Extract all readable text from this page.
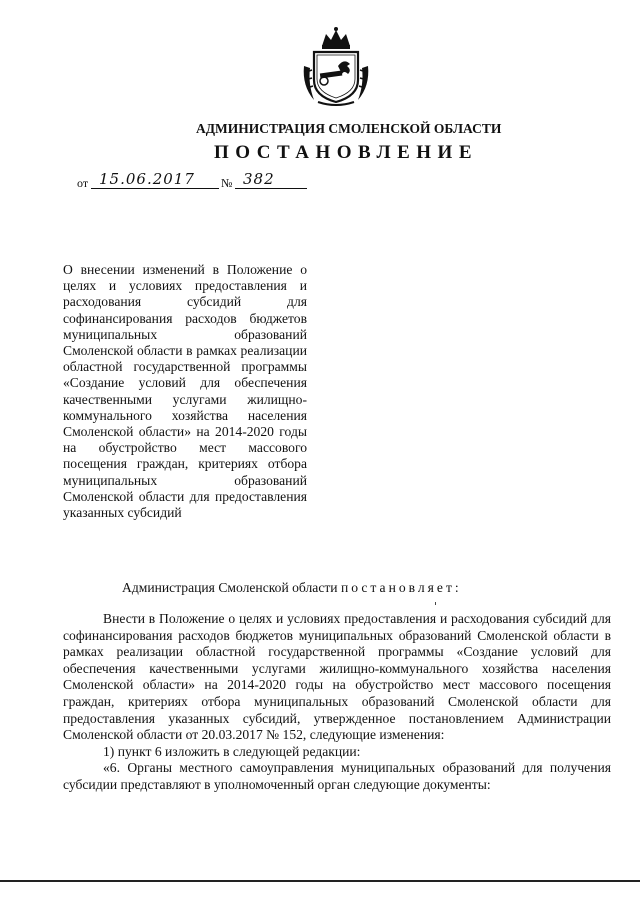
АДМИНИСТРАЦИЯ СМОЛЕНСКОЙ ОБЛАСТИ
ПОСТАНОВЛЕНИЕ
от 15.06.2017 № 382
О внесении изменений в Положение о целях и условиях предоставления и расходования субсидий для софинансирования расходов бюджетов муниципальных образований Смоленской области в рамках реализации областной государственной программы «Создание условий для обеспечения качественными услугами жилищно-коммунального хозяйства населения Смоленской области» на 2014-2020 годы на обустройство мест массового посещения граждан, критериях отбора муниципальных образований Смоленской области для предоставления указанных субсидий
Администрация Смоленской области постановляет:

Внести в Положение о целях и условиях предоставления и расходования субсидий для софинансирования расходов бюджетов муниципальных образований Смоленской области в рамках реализации областной государственной программы «Создание условий для обеспечения качественными услугами жилищно-коммунального хозяйства населения Смоленской области» на 2014-2020 годы на обустройство мест массового посещения граждан, критериях отбора муниципальных образований Смоленской области для предоставления указанных субсидий, утвержденное постановлением Администрации Смоленской области от 20.03.2017 № 152, следующие изменения:

1) пункт 6 изложить в следующей редакции:

«6. Органы местного самоуправления муниципальных образований для получения субсидии представляют в уполномоченный орган следующие документы:
